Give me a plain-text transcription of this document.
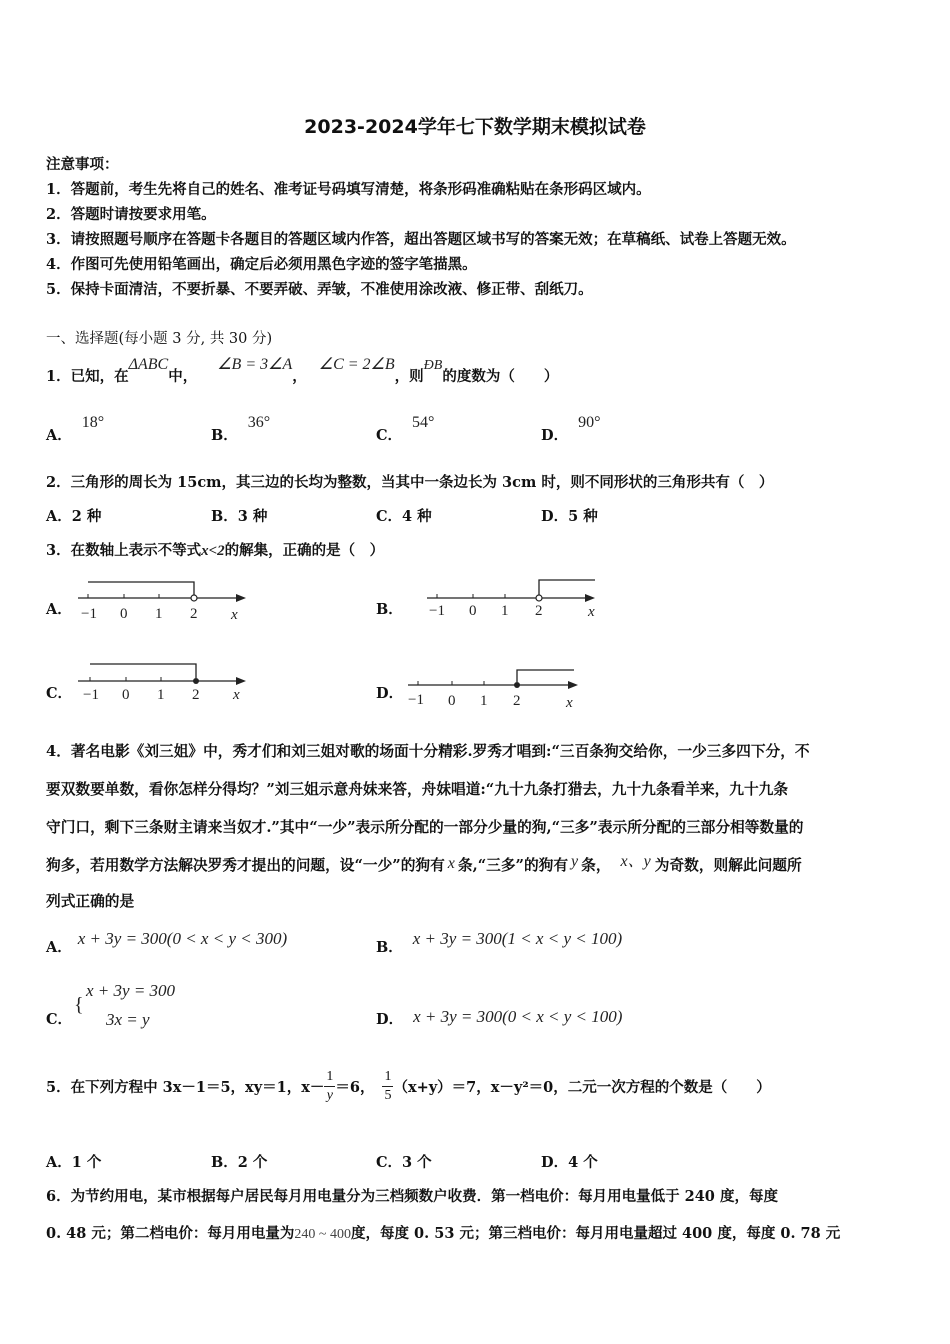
2023-2024学年七下数学期末模拟试卷
注意事项：
1．答题前，考生先将自己的姓名、准考证号码填写清楚，将条形码准确粘贴在条形码区域内。
2．答题时请按要求用笔。
3．请按照题号顺序在答题卡各题目的答题区域内作答，超出答题区域书写的答案无效；在草稿纸、试卷上答题无效。
4．作图可先使用铅笔画出，确定后必须用黑色字迹的签字笔描黑。
5．保持卡面清洁，不要折暴、不要弄破、弄皱，不准使用涂改液、修正带、刮纸刀。
一、选择题(每小题 3 分, 共 30 分)
1．已知，在ΔABC中，∠B = 3∠A，∠C = 2∠B，则ÐB的度数为（　　）
A．18°
B．36°
C．54°
D．90°
2．三角形的周长为 15cm，其三边的长均为整数，当其中一条边长为 3cm 时，则不同形状的三角形共有（　）
A．2 种	B．3 种	C．4 种	D．5 种
3．在数轴上表示不等式x<2的解集，正确的是（　）
A． −1 0 1 2 x	B． −1 0 1 2	x
C． −1 0 1 2 x	D． −1 0 1 2	x
4．著名电影《刘三姐》中，秀才们和刘三姐对歌的场面十分精彩.罗秀才唱到:“三百条狗交给你，一少三多四下分，不
要双数要单数，看你怎样分得均？”刘三姐示意舟妹来答，舟妹唱道:“九十九条打猎去，九十九条看羊来，九十九条
守门口，剩下三条财主请来当奴才.”其中“一少”表示所分配的一部分少量的狗,“三多”表示所分配的三部分相等数量的
狗多，若用数学方法解决罗秀才提出的问题，设“一少”的狗有 x 条,“三多”的狗有 y 条， x、y 为奇数，则解此问题所
列式正确的是
A． x + 3y = 300(0 < x < y < 300)	B． x + 3y = 300(1 < x < y < 100)
C．
{
x + 3y = 300
3x = y	D． x + 3y = 300(0 < x < y < 100)
5．在下列方程中 3x－1＝5，xy＝1，$x- \frac{1}{y} =6$， $\frac{1}{5} (x+y)=7$，x－y²＝0，二元一次方程的个数是（　　）
A．1 个	B．2 个	C．3 个	D．4 个
6．为节约用电，某市根据每户居民每月用电量分为三档频数户收费．第一档电价：每月用电量低于 240 度，每度
0. 48 元；第二档电价：每月用电量为240 ~ 400度，每度 0. 53 元；第三档电价：每月用电量超过 400 度，每度 0. 78 元
